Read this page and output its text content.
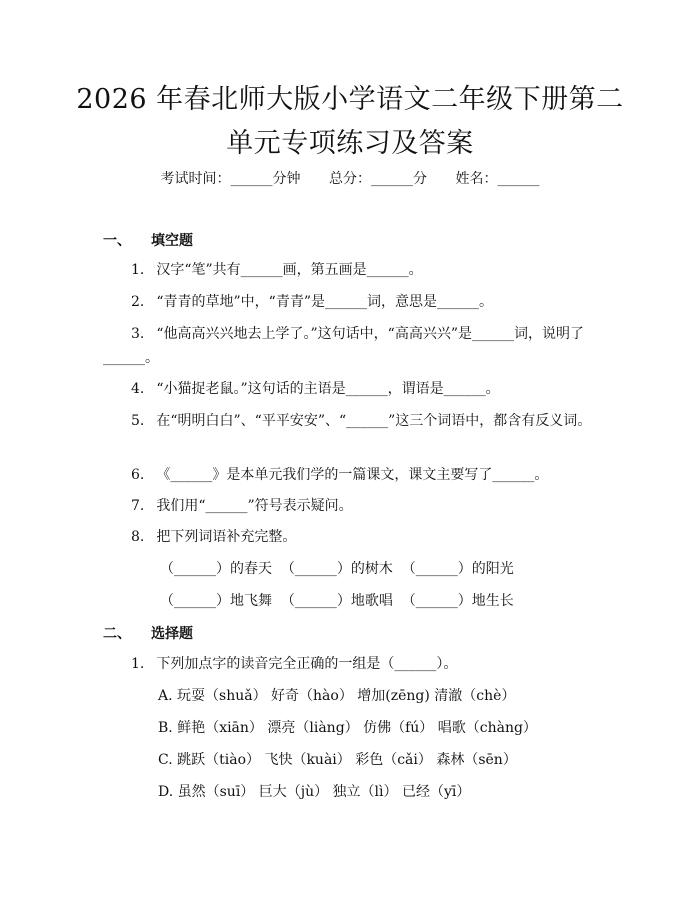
2026 年春北师大版小学语文二年级下册第二
单元专项练习及答案
考试时间：______分钟 总分：______分 姓名：______
一、 填空题
1. 汉字“笔”共有______画，第五画是______。
2. “青青的草地”中，“青青”是______词，意思是______。
3. “他高高兴兴地去上学了。”这句话中，“高高兴兴”是______词，说明了______。
4. “小猫捉老鼠。”这句话的主语是______，谓语是______。
5. 在“明明白白”、“平平安安”、“______”这三个词语中，都含有反义词。
6. 《______》是本单元我们学的一篇课文，课文主要写了______。
7. 我们用“______”符号表示疑问。
8. 把下列词语补充完整。
（______）的春天  （______）的树木  （______）的阳光
（______）地飞舞  （______）地歌唱  （______）地生长
二、 选择题
1. 下列加点字的读音完全正确的一组是（______）。
A. 玩耍（shuǎ） 好奇（hào） 增加(zēng) 清澈（chè）
B. 鲜艳（xiān） 漂亮（liàng） 仿佛（fú） 唱歌（chàng）
C. 跳跃（tiào） 飞快（kuài） 彩色（cǎi） 森林（sēn）
D. 虽然（suī） 巨大（jù） 独立（lì） 已经（yī）
